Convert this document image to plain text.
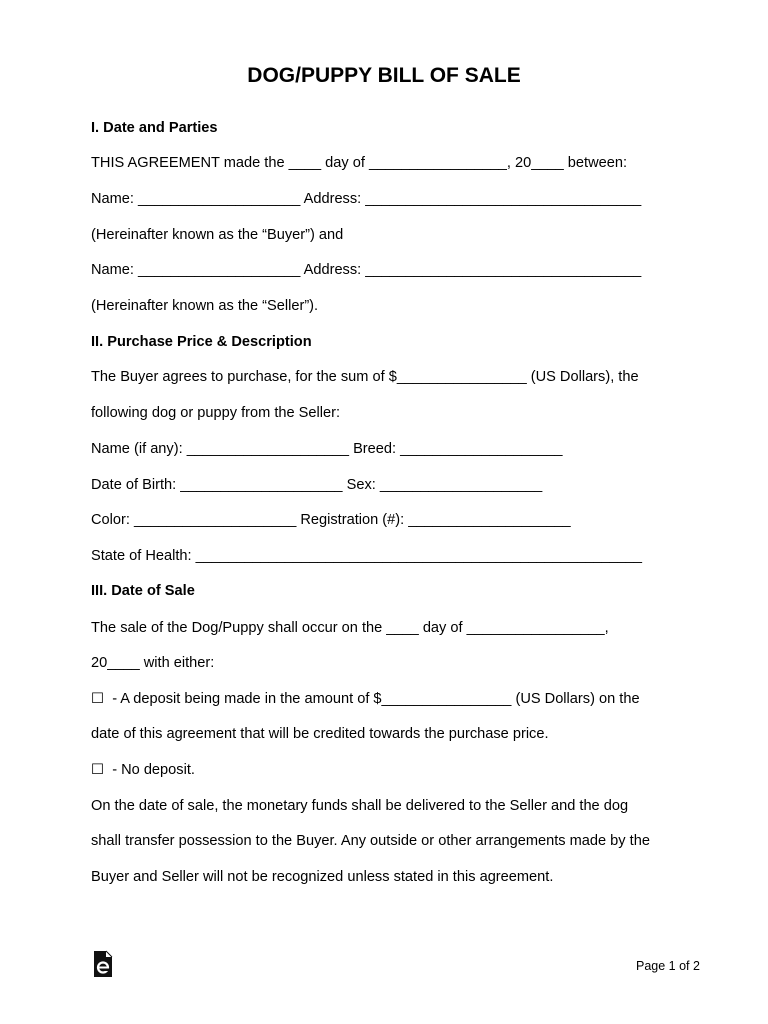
DOG/PUPPY BILL OF SALE
I. Date and Parties
THIS AGREEMENT made the ____ day of _________________, 20____ between:
Name: ____________________ Address: __________________________________
(Hereinafter known as the “Buyer”) and
Name: ____________________ Address: __________________________________
(Hereinafter known as the “Seller”).
II. Purchase Price & Description
The Buyer agrees to purchase, for the sum of $________________ (US Dollars), the
following dog or puppy from the Seller:
Name (if any): ____________________ Breed: ____________________
Date of Birth: ____________________ Sex: ____________________
Color: ____________________ Registration (#): ____________________
State of Health: _______________________________________________________
III. Date of Sale
The sale of the Dog/Puppy shall occur on the ____ day of _________________,
20____ with either:
☐  - A deposit being made in the amount of $________________ (US Dollars) on the
date of this agreement that will be credited towards the purchase price.
☐  - No deposit.
On the date of sale, the monetary funds shall be delivered to the Seller and the dog
shall transfer possession to the Buyer. Any outside or other arrangements made by the
Buyer and Seller will not be recognized unless stated in this agreement.
Page 1 of 2
